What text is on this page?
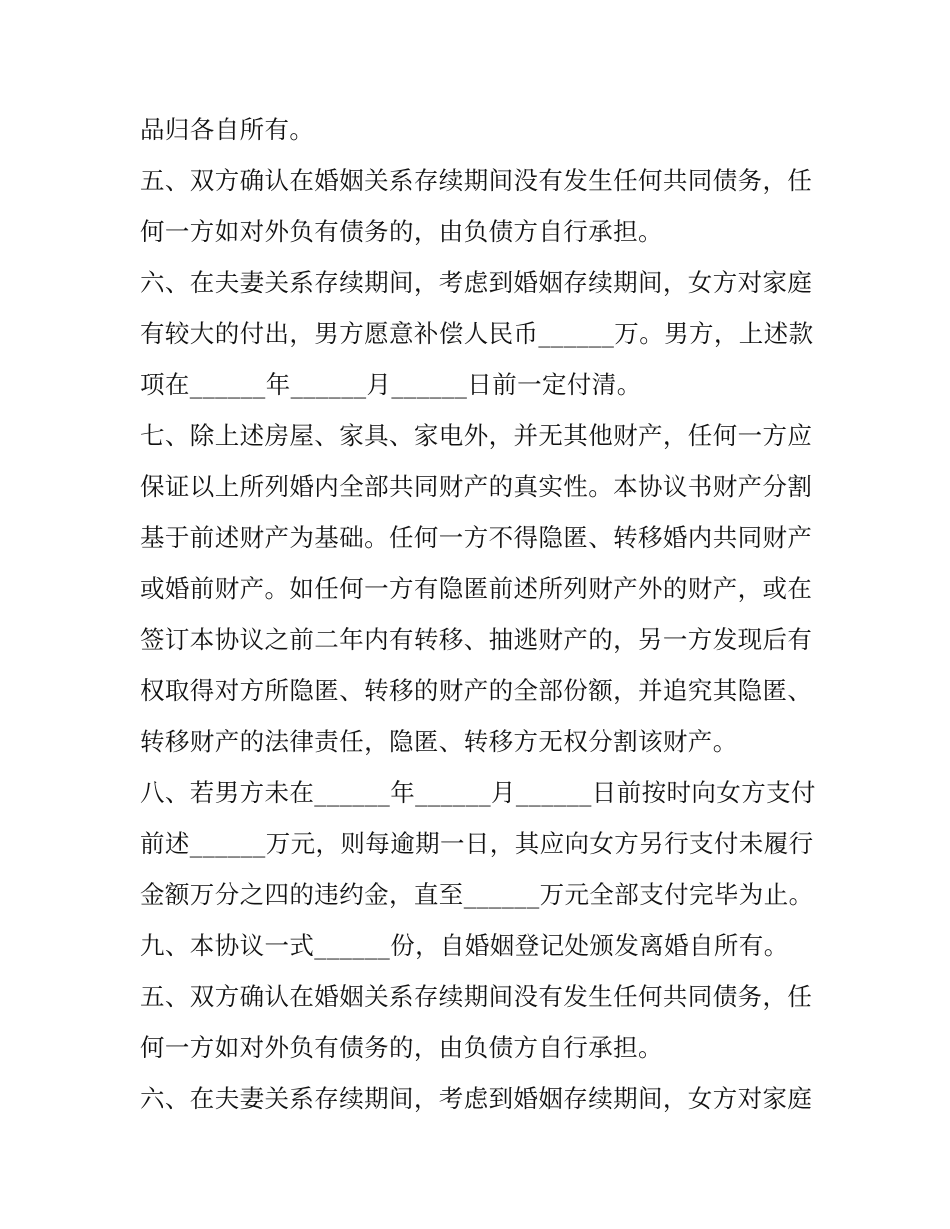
品归各自所有。
五、双方确认在婚姻关系存续期间没有发生任何共同债务，任
何一方如对外负有债务的，由负债方自行承担。
六、在夫妻关系存续期间，考虑到婚姻存续期间，女方对家庭
有较大的付出，男方愿意补偿人民币______万。男方，上述款
项在______年______月______日前一定付清。
七、除上述房屋、家具、家电外，并无其他财产，任何一方应
保证以上所列婚内全部共同财产的真实性。本协议书财产分割
基于前述财产为基础。任何一方不得隐匿、转移婚内共同财产
或婚前财产。如任何一方有隐匿前述所列财产外的财产，或在
签订本协议之前二年内有转移、抽逃财产的，另一方发现后有
权取得对方所隐匿、转移的财产的全部份额，并追究其隐匿、
转移财产的法律责任，隐匿、转移方无权分割该财产。
八、若男方未在______年______月______日前按时向女方支付
前述______万元，则每逾期一日，其应向女方另行支付未履行
金额万分之四的违约金，直至______万元全部支付完毕为止。
九、本协议一式______份，自婚姻登记处颁发离婚自所有。
五、双方确认在婚姻关系存续期间没有发生任何共同债务，任
何一方如对外负有债务的，由负债方自行承担。
六、在夫妻关系存续期间，考虑到婚姻存续期间，女方对家庭
